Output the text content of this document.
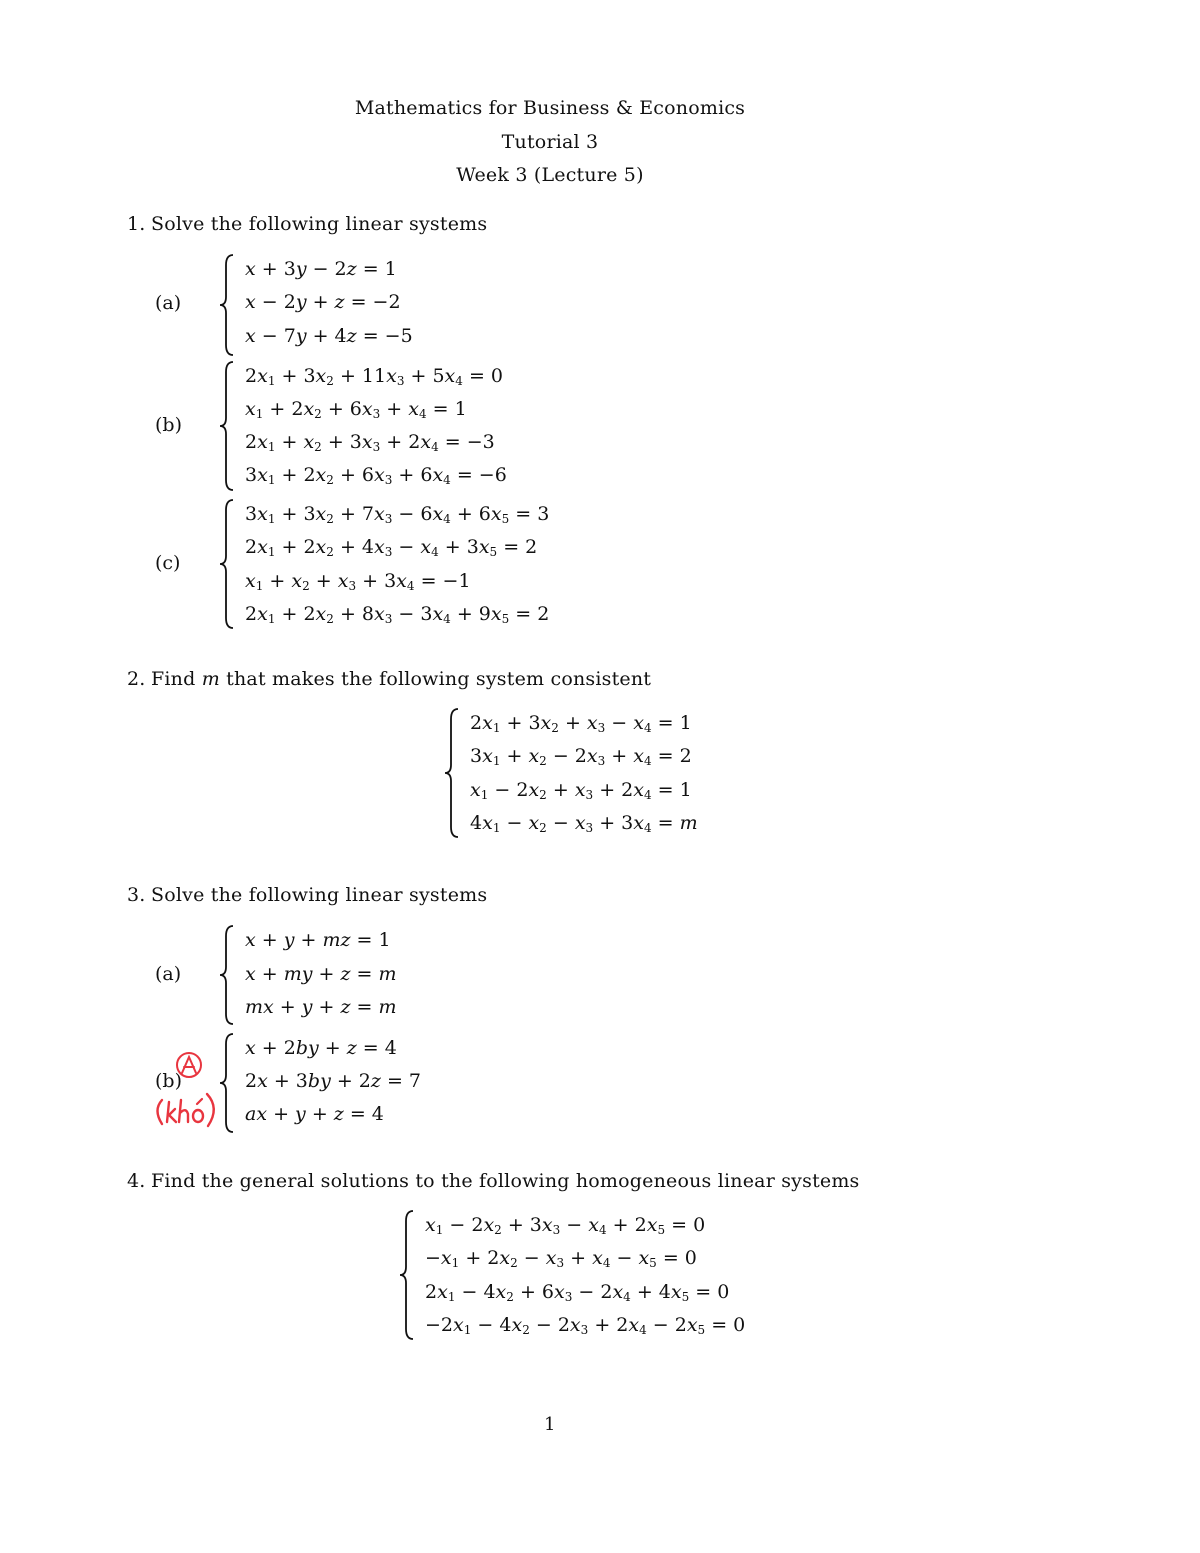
Mathematics for Business & Economics
Tutorial 3
Week 3 (Lecture 5)
1. Solve the following linear systems
(a)
x + 3y − 2z = 1
x − 2y + z = −2
x − 7y + 4z = −5
(b)
$2x_1 + 3x_2 + 11x_3 + 5x_4 = 0$
$x_1 + 2x_2 + 6x_3 + x_4 = 1$
$2x_1 + x_2 + 3x_3 + 2x_4 = -3$
$3x_1 + 2x_2 + 6x_3 + 6x_4 = -6$
(c)
$3x_1 + 3x_2 + 7x_3 - 6x_4 + 6x_5 = 3$
$2x_1 + 2x_2 + 4x_3 - x_4 + 3x_5 = 2$
$x_1 + x_2 + x_3 + 3x_4 = -1$
$2x_1 + 2x_2 + 8x_3 - 3x_4 + 9x_5 = 2$
2. Find m that makes the following system consistent
$2x_1 + 3x_2 + x_3 - x_4 = 1$
$3x_1 + x_2 - 2x_3 + x_4 = 2$
$x_1 - 2x_2 + x_3 + 2x_4 = 1$
$4x_1 - x_2 - x_3 + 3x_4 = m$
3. Solve the following linear systems
(a)
x + y + mz = 1
x + my + z = m
mx + y + z = m
(b)
x + 2by + z = 4
2x + 3by + 2z = 7
ax + y + z = 4
4. Find the general solutions to the following homogeneous linear systems
$x_1 - 2x_2 + 3x_3 - x_4 + 2x_5 = 0$
$-x_1 + 2x_2 - x_3 + x_4 - x_5 = 0$
$2x_1 - 4x_2 + 6x_3 - 2x_4 + 4x_5 = 0$
$-2x_1 - 4x_2 - 2x_3 + 2x_4 - 2x_5 = 0$
1
